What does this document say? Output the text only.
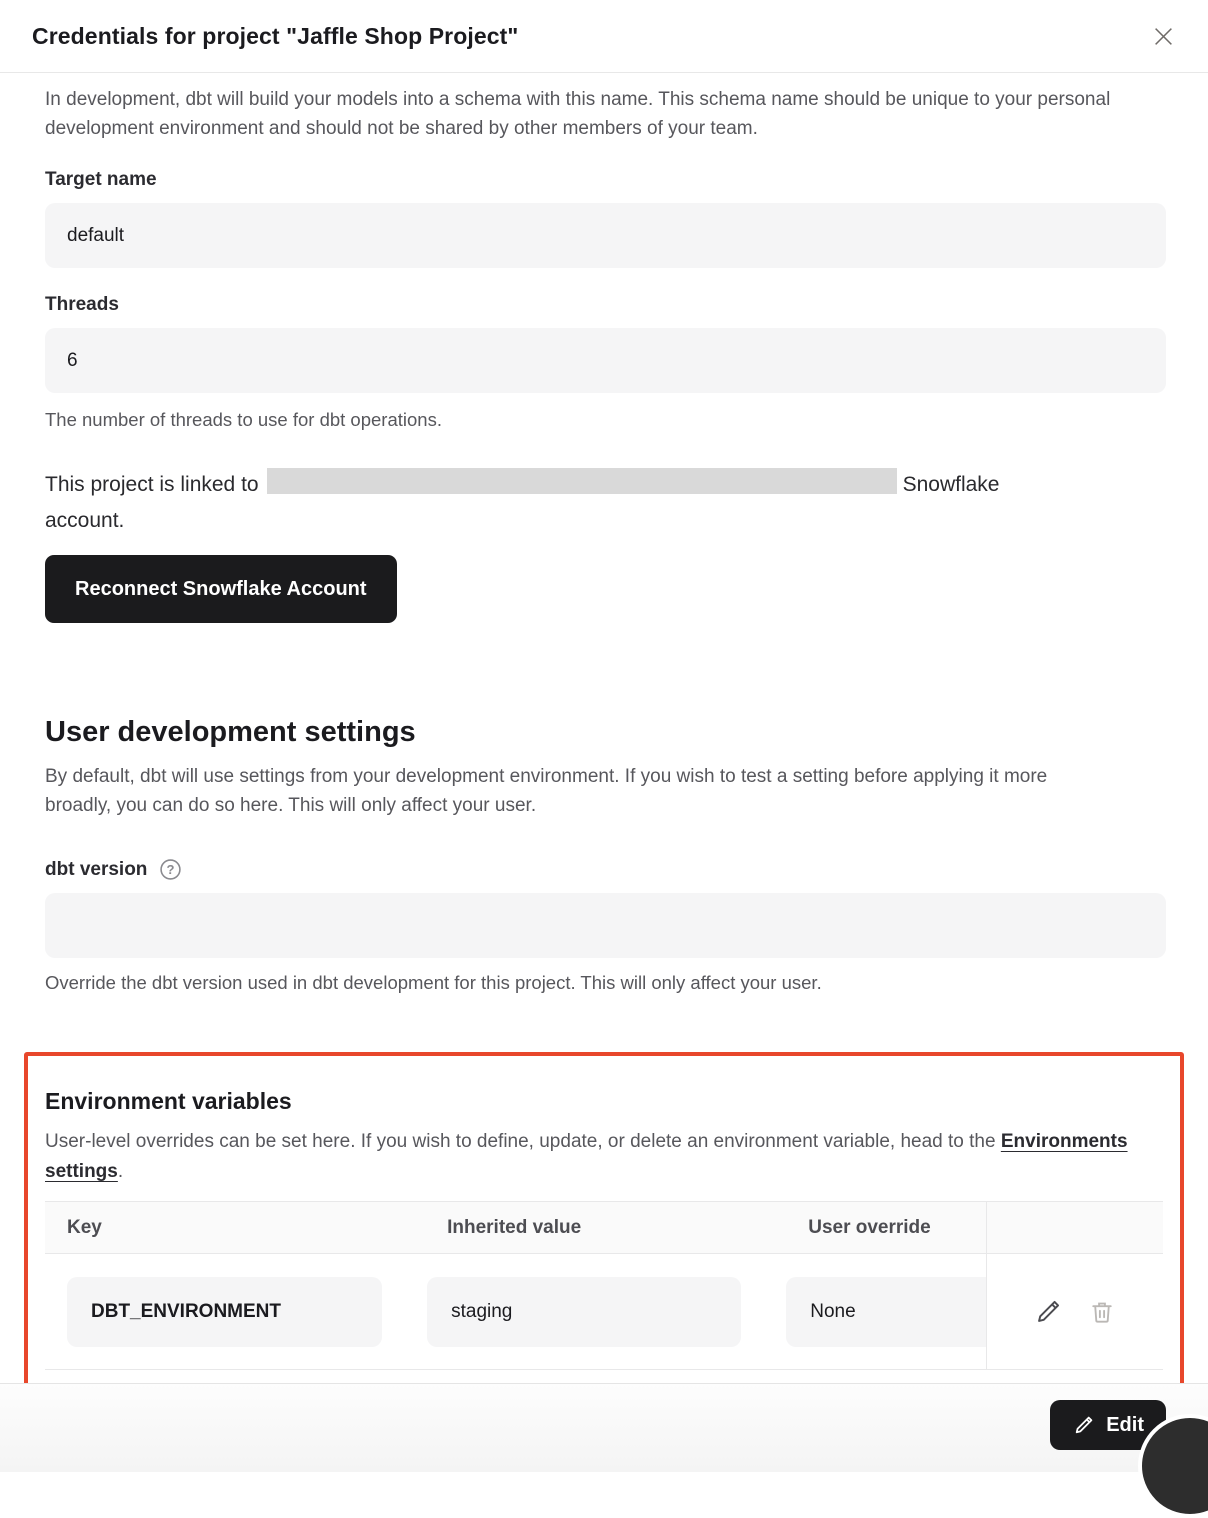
Credentials for project "Jaffle Shop Project"

In development, dbt will build your models into a schema with this name. This schema name should be unique to your personal development environment and should not be shared by other members of your team.

Target name
default
Threads
6
The number of threads to use for dbt operations.

This project is linked to	Snowflake account.

Reconnect Snowflake Account
User development settings

By default, dbt will use settings from your development environment. If you wish to test a setting before applying it more broadly, you can do so here. This will only affect your user.

dbt version ?
Override the dbt version used in dbt development for this project. This will only affect your user.
Environment variables

User-level overrides can be set here. If you wish to define, update, or delete an environment variable, head to the Environments settings.

Key	Inherited value	User override	

DBT_ENVIRONMENT	staging	None

Edit
